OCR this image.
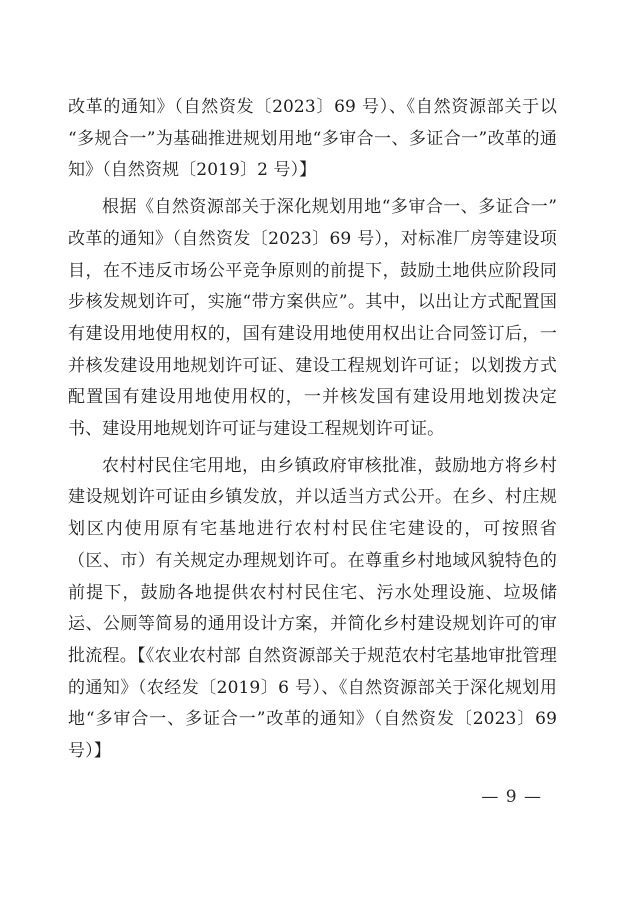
改革的通知》（自然资发〔2023〕69 号）、《自然资源部关于以“多规合一”为基础推进规划用地“多审合一、多证合一”改革的通知》（自然资规〔2019〕2 号）】

根据《自然资源部关于深化规划用地“多审合一、多证合一”改革的通知》（自然资发〔2023〕69 号），对标准厂房等建设项目，在不违反市场公平竞争原则的前提下，鼓励土地供应阶段同步核发规划许可，实施“带方案供应”。其中，以出让方式配置国有建设用地使用权的，国有建设用地使用权出让合同签订后，一并核发建设用地规划许可证、建设工程规划许可证；以划拨方式配置国有建设用地使用权的，一并核发国有建设用地划拨决定书、建设用地规划许可证与建设工程规划许可证。

农村村民住宅用地，由乡镇政府审核批准，鼓励地方将乡村建设规划许可证由乡镇发放，并以适当方式公开。在乡、村庄规划区内使用原有宅基地进行农村村民住宅建设的，可按照省（区、市）有关规定办理规划许可。在尊重乡村地域风貌特色的前提下，鼓励各地提供农村村民住宅、污水处理设施、垃圾储运、公厕等简易的通用设计方案，并简化乡村建设规划许可的审批流程。【《农业农村部 自然资源部关于规范农村宅基地审批管理的通知》（农经发〔2019〕6 号）、《自然资源部关于深化规划用地“多审合一、多证合一”改革的通知》（自然资发〔2023〕69 号）】

— 9 —
